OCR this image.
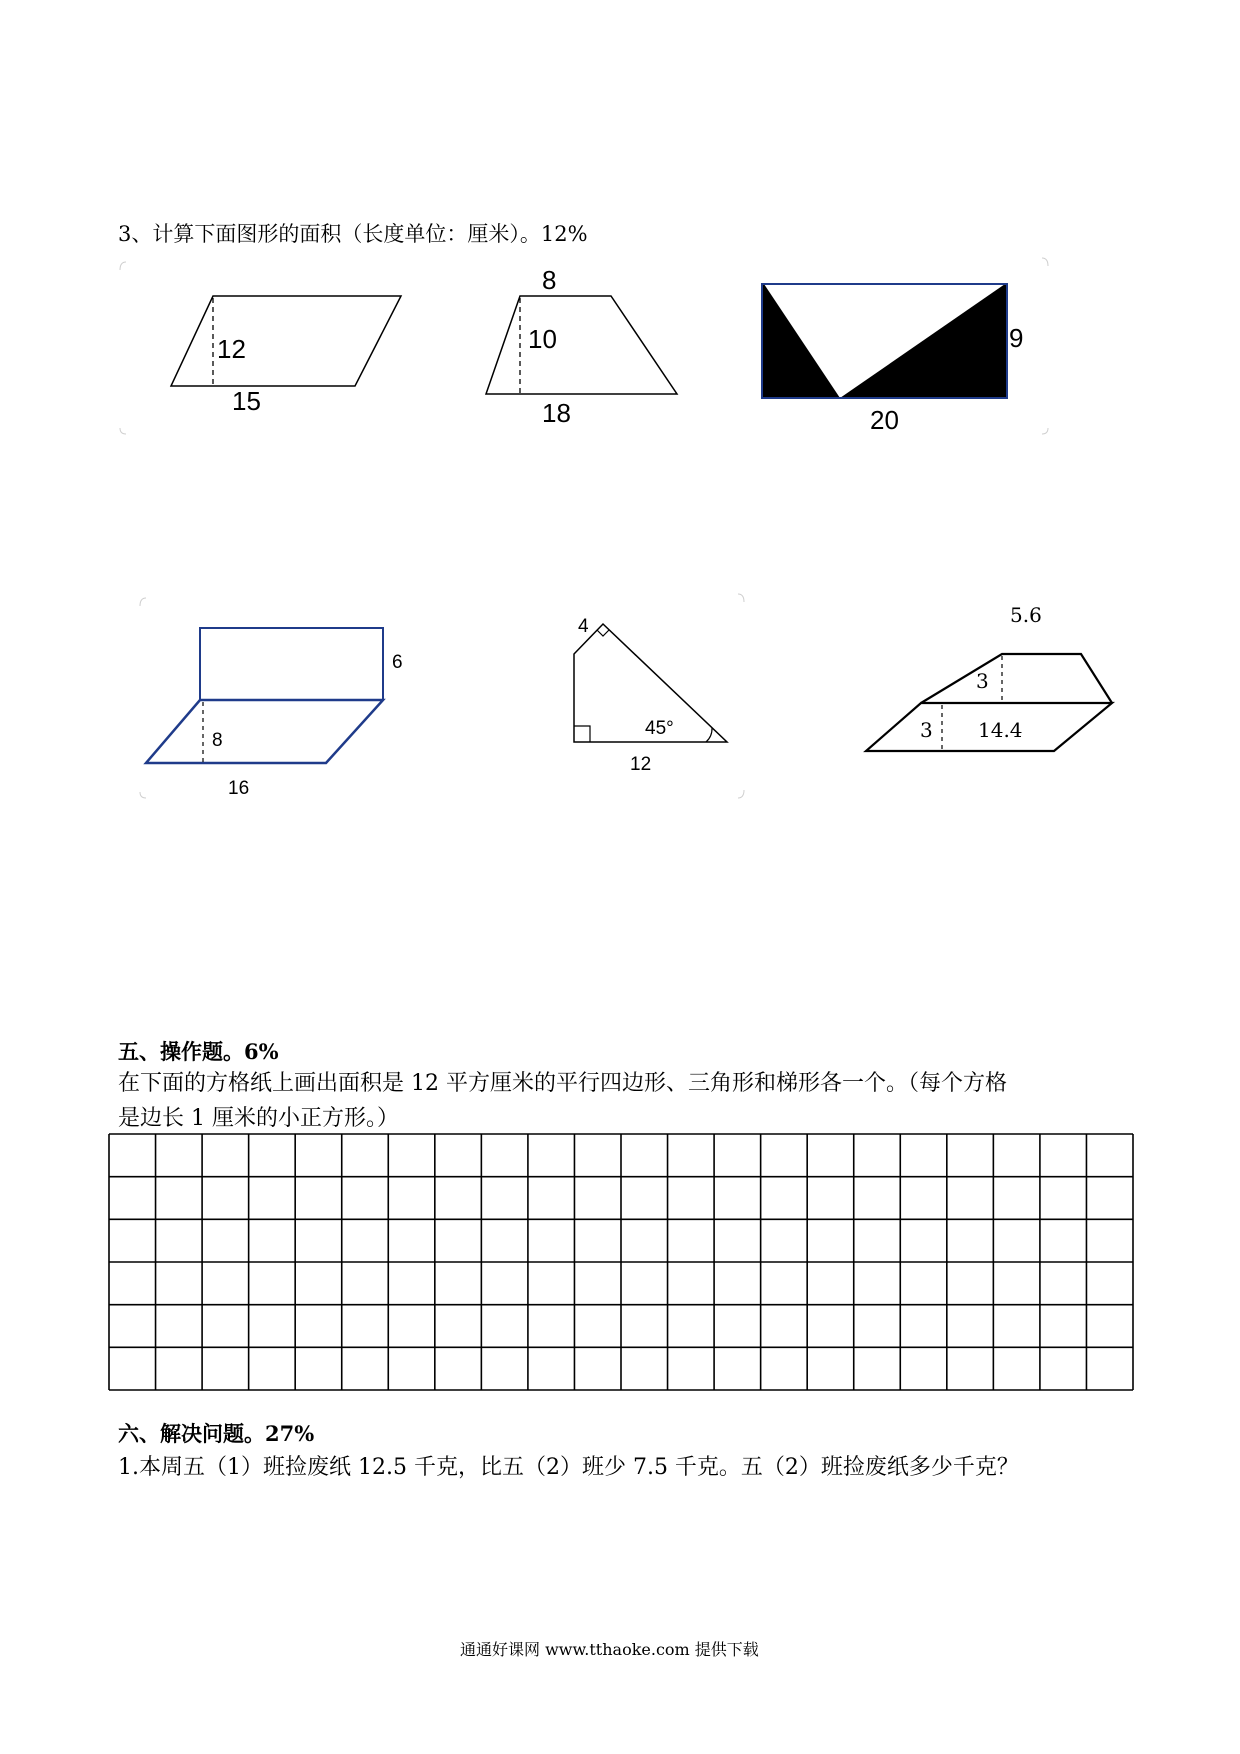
3、计算下面图形的面积（长度单位：厘米）。12%
12
15
8
10
18
9
20
6
8
16
4
45°
12
5.6
3
3 14.4
五、操作题。6%
在下面的方格纸上画出面积是 12 平方厘米的平行四边形、三角形和梯形各一个。（每个方格
是边长 1 厘米的小正方形。）
六、解决问题。27%
1.本周五（1）班捡废纸 12.5 千克，比五（2）班少 7.5 千克。五（2）班捡废纸多少千克？
通通好课网 www.tthaoke.com 提供下载
